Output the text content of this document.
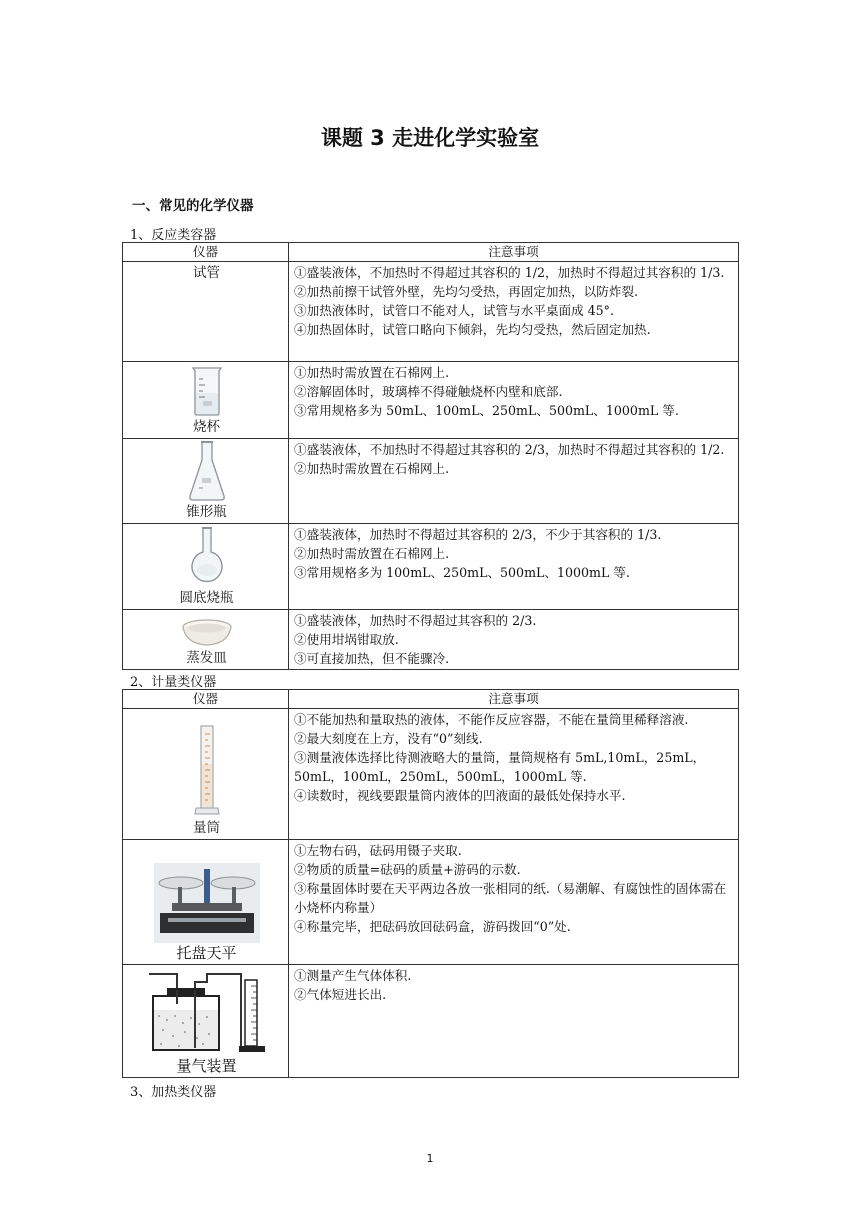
课题 3 走进化学实验室
一、常见的化学仪器
1、反应类容器
仪器	注意事项

试管	①盛装液体，不加热时不得超过其容积的 1/2，加热时不得超过其容积的 1/3.
②加热前擦干试管外壁，先均匀受热，再固定加热，以防炸裂.
③加热液体时，试管口不能对人，试管与水平桌面成 45°.
④加热固体时，试管口略向下倾斜，先均匀受热，然后固定加热.

烧杯	①加热时需放置在石棉网上.
②溶解固体时，玻璃棒不得碰触烧杯内壁和底部.
③常用规格多为 50mL、100mL、250mL、500mL、1000mL 等.

锥形瓶	①盛装液体，不加热时不得超过其容积的 2/3，加热时不得超过其容积的 1/2.
②加热时需放置在石棉网上.

圆底烧瓶	①盛装液体，加热时不得超过其容积的 2/3，不少于其容积的 1/3.
②加热时需放置在石棉网上.
③常用规格多为 100mL、250mL、500mL、1000mL 等.

蒸发皿	①盛装液体，加热时不得超过其容积的 2/3.
②使用坩埚钳取放.
③可直接加热，但不能骤冷.
2、计量类仪器
仪器	注意事项

量筒	①不能加热和量取热的液体，不能作反应容器，不能在量筒里稀释溶液.
②最大刻度在上方，没有“0”刻线.
③测量液体选择比待测液略大的量筒，量筒规格有 5mL,10mL，25mL，50mL，100mL，250mL，500mL，1000mL 等.
④读数时，视线要跟量筒内液体的凹液面的最低处保持水平.

托盘天平	①左物右码，砝码用镊子夹取.
②物质的质量=砝码的质量+游码的示数.
③称量固体时要在天平两边各放一张相同的纸.（易潮解、有腐蚀性的固体需在小烧杯内称量）
④称量完毕，把砝码放回砝码盒，游码拨回“0”处.

量气装置	①测量产生气体体积.
②气体短进长出.
3、加热类仪器
1
